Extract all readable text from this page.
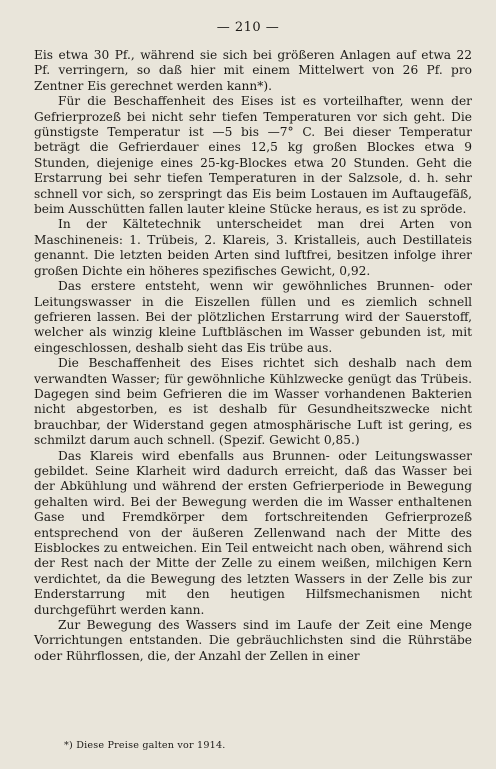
— 210 —

Eis etwa 30 Pf., während sie sich bei größeren Anlagen auf etwa 22 Pf. verringern, so daß hier mit einem Mittelwert von 26 Pf. pro Zentner Eis gerechnet werden kann*).

Für die Beschaffenheit des Eises ist es vorteilhafter, wenn der Gefrierprozeß bei nicht sehr tiefen Temperaturen vor sich geht. Die günstigste Temperatur ist —5 bis —7° C. Bei dieser Temperatur beträgt die Gefrierdauer eines 12,5 kg großen Blockes etwa 9 Stunden, diejenige eines 25-kg-Blockes etwa 20 Stunden. Geht die Erstarrung bei sehr tiefen Temperaturen in der Salzsole, d. h. sehr schnell vor sich, so zerspringt das Eis beim Lostauen im Auftaugefäß, beim Ausschütten fallen lauter kleine Stücke heraus, es ist zu spröde.

In der Kältetechnik unterscheidet man drei Arten von Maschineneis: 1. Trübeis, 2. Klareis, 3. Kristalleis, auch Destillateis genannt. Die letzten beiden Arten sind luftfrei, besitzen infolge ihrer großen Dichte ein höheres spezifisches Gewicht, 0,92.

Das erstere entsteht, wenn wir gewöhnliches Brunnen- oder Leitungswasser in die Eiszellen füllen und es ziemlich schnell gefrieren lassen. Bei der plötzlichen Erstarrung wird der Sauerstoff, welcher als winzig kleine Luftbläschen im Wasser gebunden ist, mit eingeschlossen, deshalb sieht das Eis trübe aus.

Die Beschaffenheit des Eises richtet sich deshalb nach dem verwandten Wasser; für gewöhnliche Kühlzwecke genügt das Trübeis. Dagegen sind beim Gefrieren die im Wasser vorhandenen Bakterien nicht abgestorben, es ist deshalb für Gesundheitszwecke nicht brauchbar, der Widerstand gegen atmosphärische Luft ist gering, es schmilzt darum auch schnell. (Spezif. Gewicht 0,85.)

Das Klareis wird ebenfalls aus Brunnen- oder Leitungswasser gebildet. Seine Klarheit wird dadurch erreicht, daß das Wasser bei der Abkühlung und während der ersten Gefrierperiode in Bewegung gehalten wird. Bei der Bewegung werden die im Wasser enthaltenen Gase und Fremdkörper dem fortschreitenden Gefrierprozeß entsprechend von der äußeren Zellenwand nach der Mitte des Eisblockes zu entweichen. Ein Teil entweicht nach oben, während sich der Rest nach der Mitte der Zelle zu einem weißen, milchigen Kern verdichtet, da die Bewegung des letzten Wassers in der Zelle bis zur Enderstarrung mit den heutigen Hilfsmechanismen nicht durchgeführt werden kann.

Zur Bewegung des Wassers sind im Laufe der Zeit eine Menge Vorrichtungen entstanden. Die gebräuchlichsten sind die Rührstäbe oder Rührflossen, die, der Anzahl der Zellen in einer

*) Diese Preise galten vor 1914.
